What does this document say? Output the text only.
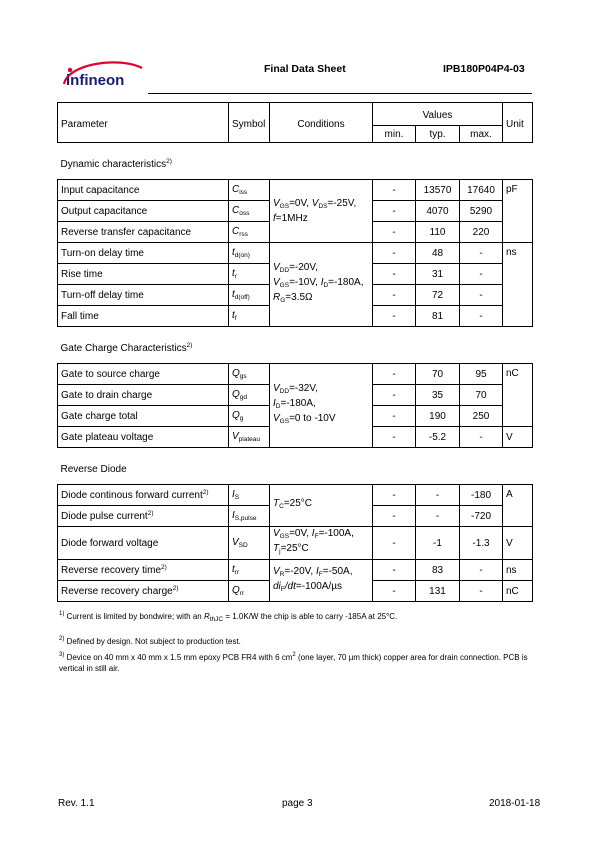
infineon
Final Data Sheet	IPB180P04P4-03
Parameter	Symbol	Conditions	Values			Unit
			min.	typ.	max.	
Dynamic characteristics$^{2)}$
Input capacitance	$C_{iss}$	$V_{GS}=0V$, $V_{DS}=-25V$,
f=1MHz	-	13570	17640	pF
Output capacitance	$C_{oss}$		-	4070	5290	
Reverse transfer capacitance	$C_{rss}$		-	110	220	
Turn-on delay time	$t_{d(on)}$	$V_{DD}=-20V$,
$V_{GS}=-10V$, $I_D=-180A$,
$R_G=3.5\Omega$	-	48	-	ns
Rise time	$t_r$		-	31	-	
Turn-off delay time	$t_{d(off)}$		-	72	-	
Fall time	$t_f$		-	81	-	
Gate Charge Characteristics$^{2)}$
Gate to source charge	$Q_{gs}$	$V_{DD}=-32V$,
$I_D=-180A$,
$V_{GS}=0$ to -10V	-	70	95	nC
Gate to drain charge	$Q_{gd}$		-	35	70	
Gate charge total	$Q_g$		-	190	250	
Gate plateau voltage	$V_{plateau}$		-	-5.2	-	V
Reverse Diode						
Diode continous forward current$^{2)}$	$I_S$	$T_C=25^\circ C$	-	-	-180	A
Diode pulse current$^{2)}$	$I_{S,pulse}$		-	-	-720	
Diode forward voltage	$V_{SD}$	$V_{GS}=0V$, $I_F=-100A$,
$T_j=25^\circ C$	-	-1	-1.3	V
Reverse recovery time$^{2)}$	$t_{rr}$	$V_R=-20V$, $I_F=-50A$,
$di_F/dt=-100A/\mu s$	-	83	-	ns
Reverse recovery charge$^{2)}$	$Q_{rr}$		-	131	-	nC
$^{1)}$ Current is limited by bondwire; with an $R_{thJC} = 1.0K/W$ the chip is able to carry -185A at 25°C.
$^{2)}$ Defined by design. Not subject to production test.
$^{3)}$ Device on 40 mm x 40 mm x 1.5 mm epoxy PCB FR4 with 6 $cm^2$ (one layer, 70 µm thick) copper area for drain connection. PCB is vertical in still air.
Rev. 1.1	page 3	2018-01-18
